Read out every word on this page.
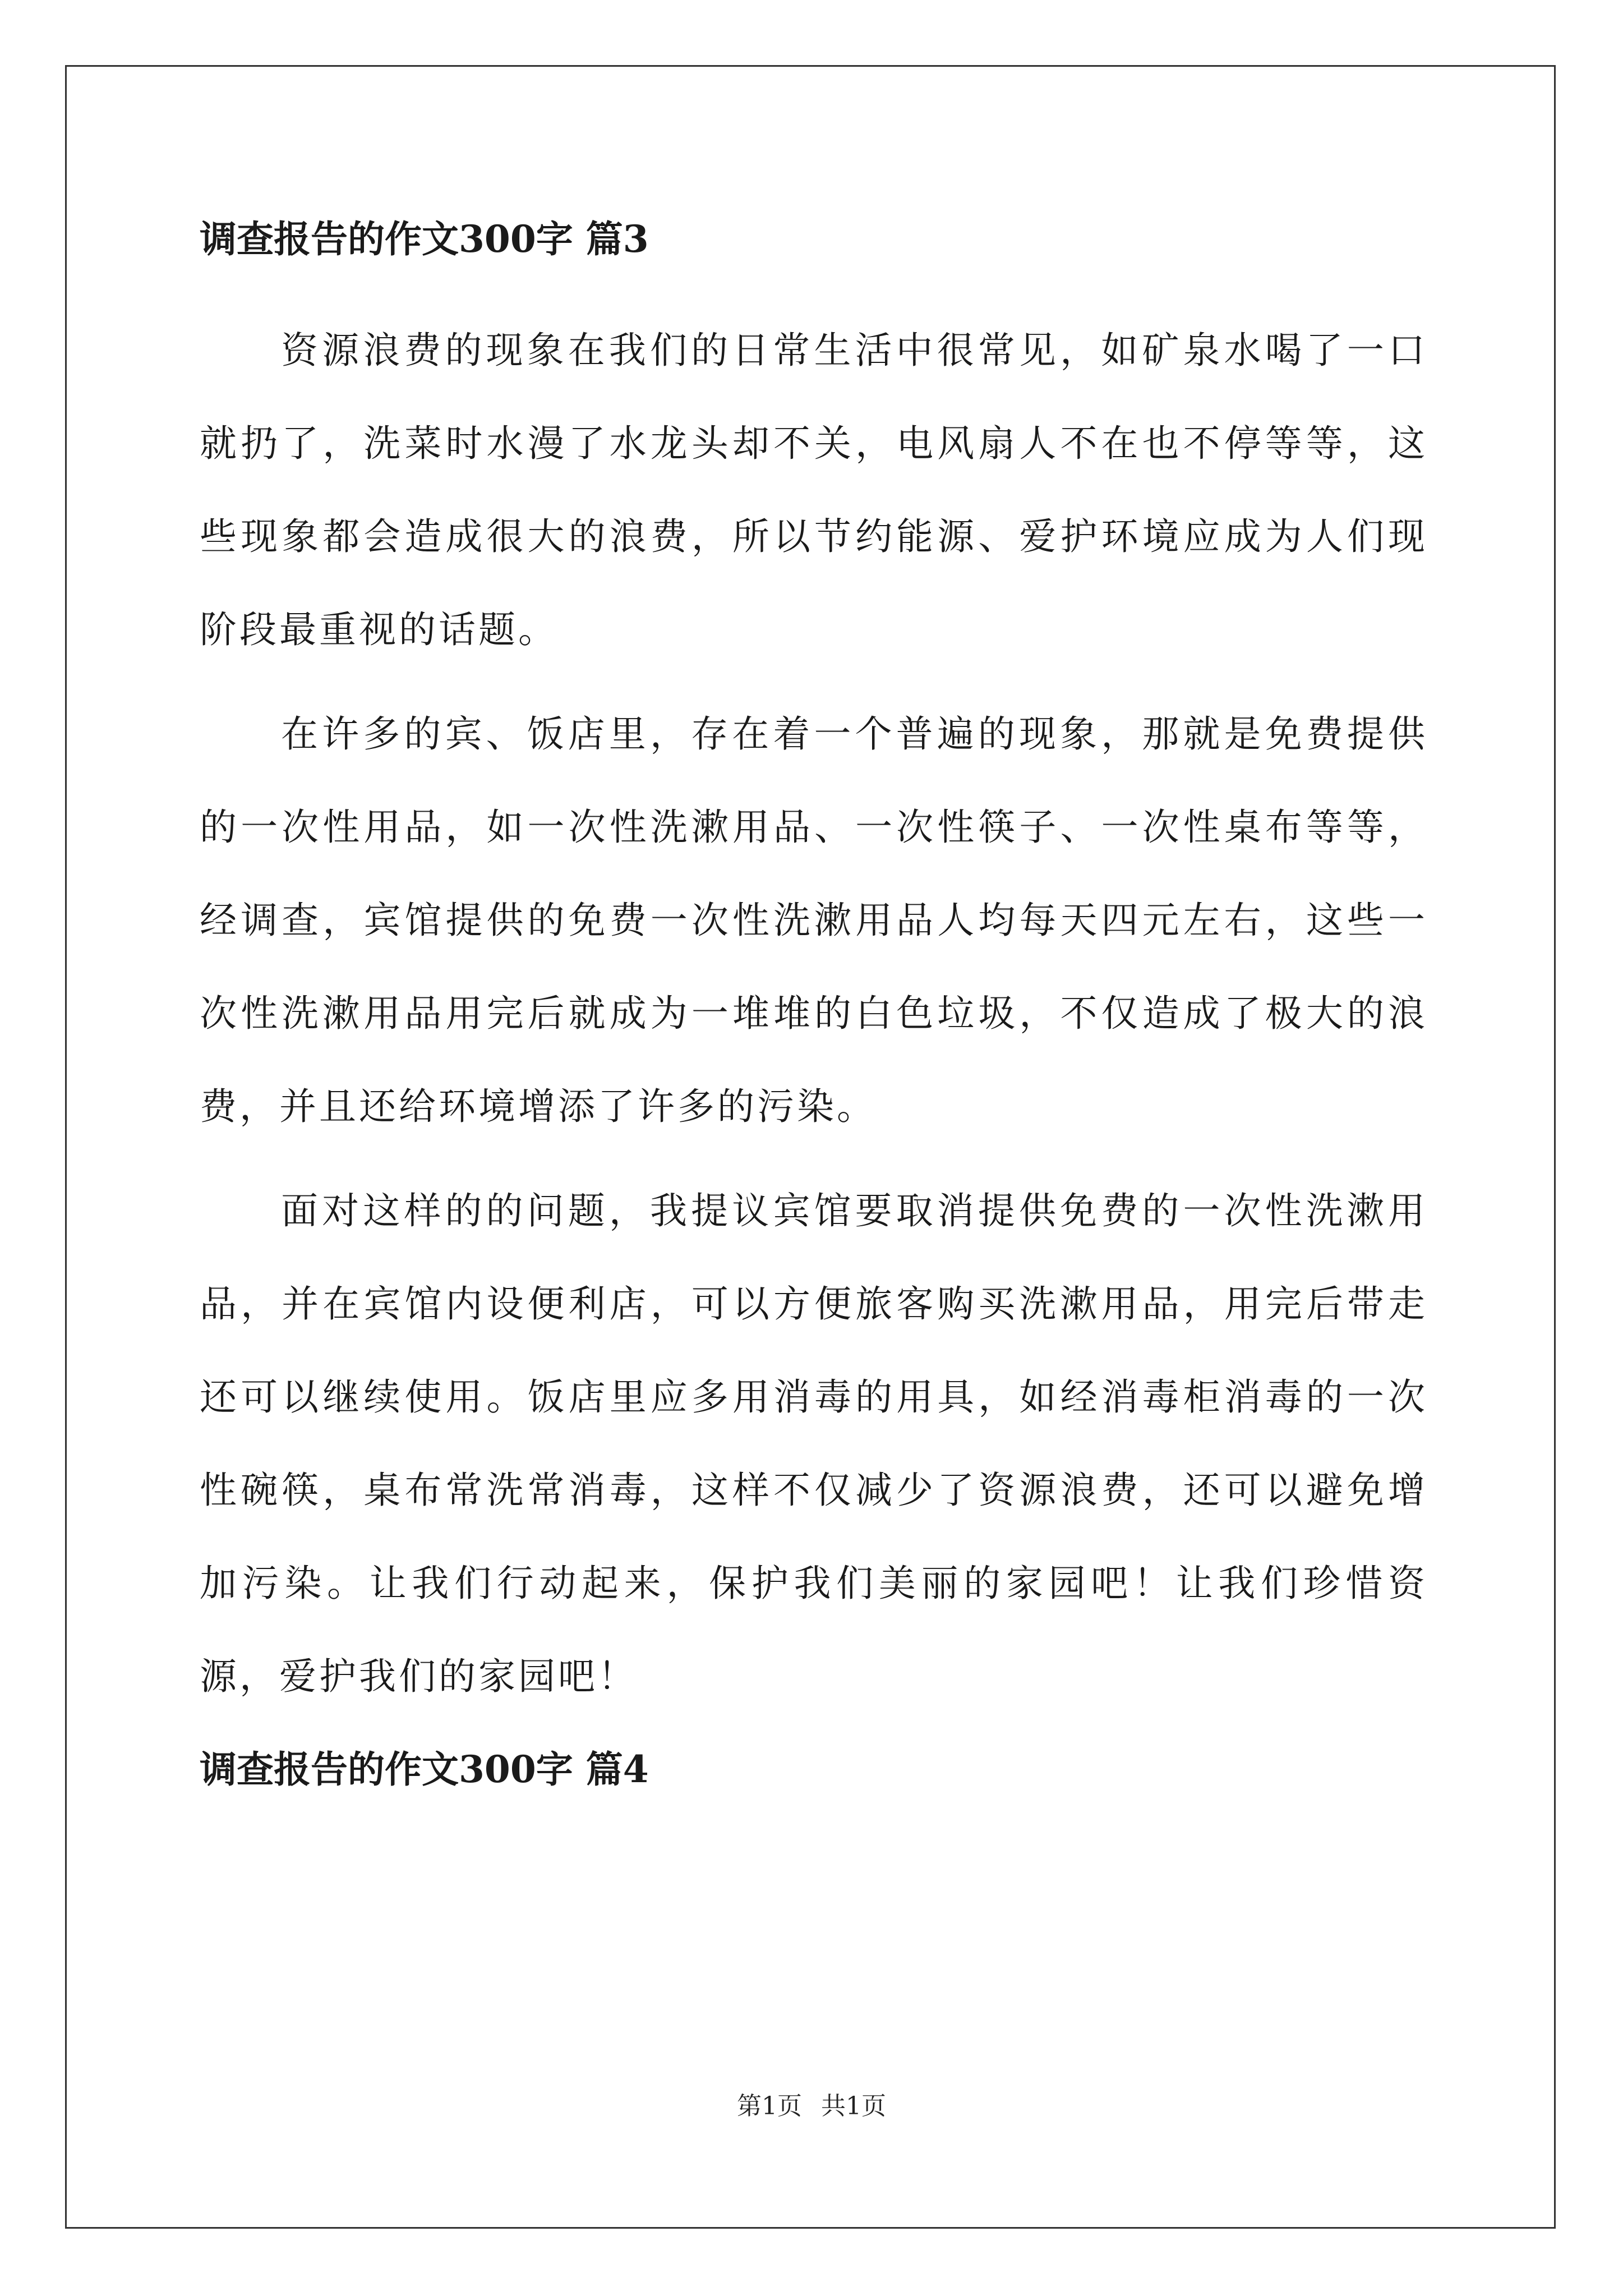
调查报告的作文300字 篇3

资源浪费的现象在我们的日常生活中很常见，如矿泉水喝了一口就扔了，洗菜时水漫了水龙头却不关，电风扇人不在也不停等等，这些现象都会造成很大的浪费，所以节约能源、爱护环境应成为人们现阶段最重视的话题。

在许多的宾、饭店里，存在着一个普遍的现象，那就是免费提供的一次性用品，如一次性洗漱用品、一次性筷子、一次性桌布等等，经调查，宾馆提供的免费一次性洗漱用品人均每天四元左右，这些一次性洗漱用品用完后就成为一堆堆的白色垃圾，不仅造成了极大的浪费，并且还给环境增添了许多的污染。

面对这样的的问题，我提议宾馆要取消提供免费的一次性洗漱用品，并在宾馆内设便利店，可以方便旅客购买洗漱用品，用完后带走还可以继续使用。饭店里应多用消毒的用具，如经消毒柜消毒的一次性碗筷，桌布常洗常消毒，这样不仅减少了资源浪费，还可以避免增加污染。让我们行动起来，保护我们美丽的家园吧！让我们珍惜资源，爱护我们的家园吧！

调查报告的作文300字 篇4
第1页 共1页
